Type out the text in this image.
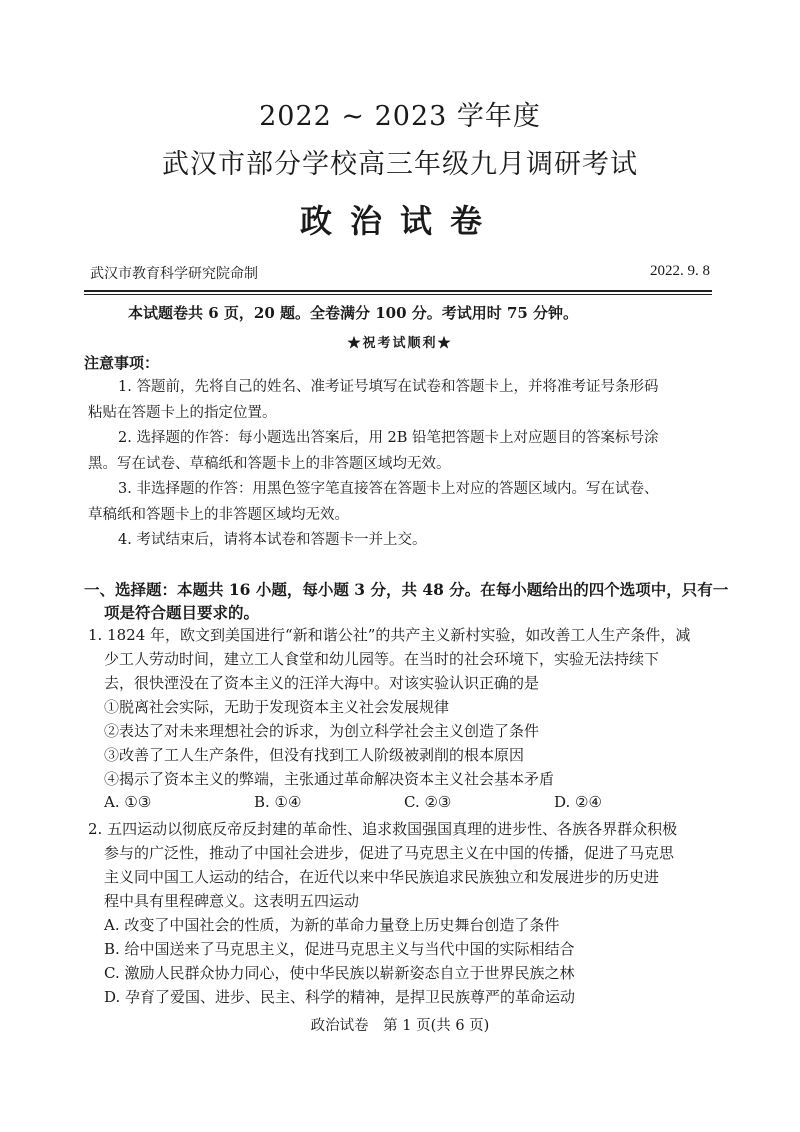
2022 ~ 2023 学年度
武汉市部分学校高三年级九月调研考试
政治试卷
武汉市教育科学研究院命制	2022. 9. 8
本试题卷共 6 页，20 题。全卷满分 100 分。考试用时 75 分钟。
★祝考试顺利★
注意事项：
1. 答题前，先将自己的姓名、准考证号填写在试卷和答题卡上，并将准考证号条形码
粘贴在答题卡上的指定位置。
2. 选择题的作答：每小题选出答案后，用 2B 铅笔把答题卡上对应题目的答案标号涂
黑。写在试卷、草稿纸和答题卡上的非答题区域均无效。
3. 非选择题的作答：用黑色签字笔直接答在答题卡上对应的答题区域内。写在试卷、
草稿纸和答题卡上的非答题区域均无效。
4. 考试结束后，请将本试卷和答题卡一并上交。
一、选择题：本题共 16 小题，每小题 3 分，共 48 分。在每小题给出的四个选项中，只有一
项是符合题目要求的。
1. 1824 年，欧文到美国进行“新和谐公社”的共产主义新村实验，如改善工人生产条件，减
少工人劳动时间，建立工人食堂和幼儿园等。在当时的社会环境下，实验无法持续下
去，很快湮没在了资本主义的汪洋大海中。对该实验认识正确的是
①脱离社会实际，无助于发现资本主义社会发展规律
②表达了对未来理想社会的诉求，为创立科学社会主义创造了条件
③改善了工人生产条件，但没有找到工人阶级被剥削的根本原因
④揭示了资本主义的弊端，主张通过革命解决资本主义社会基本矛盾
A. ①③	B. ①④	C. ②③	D. ②④
2. 五四运动以彻底反帝反封建的革命性、追求救国强国真理的进步性、各族各界群众积极
参与的广泛性，推动了中国社会进步，促进了马克思主义在中国的传播，促进了马克思
主义同中国工人运动的结合，在近代以来中华民族追求民族独立和发展进步的历史进
程中具有里程碑意义。这表明五四运动
A. 改变了中国社会的性质，为新的革命力量登上历史舞台创造了条件
B. 给中国送来了马克思主义，促进马克思主义与当代中国的实际相结合
C. 激励人民群众协力同心，使中华民族以崭新姿态自立于世界民族之林
D. 孕育了爱国、进步、民主、科学的精神，是捍卫民族尊严的革命运动
政治试卷　第 1 页(共 6 页)
